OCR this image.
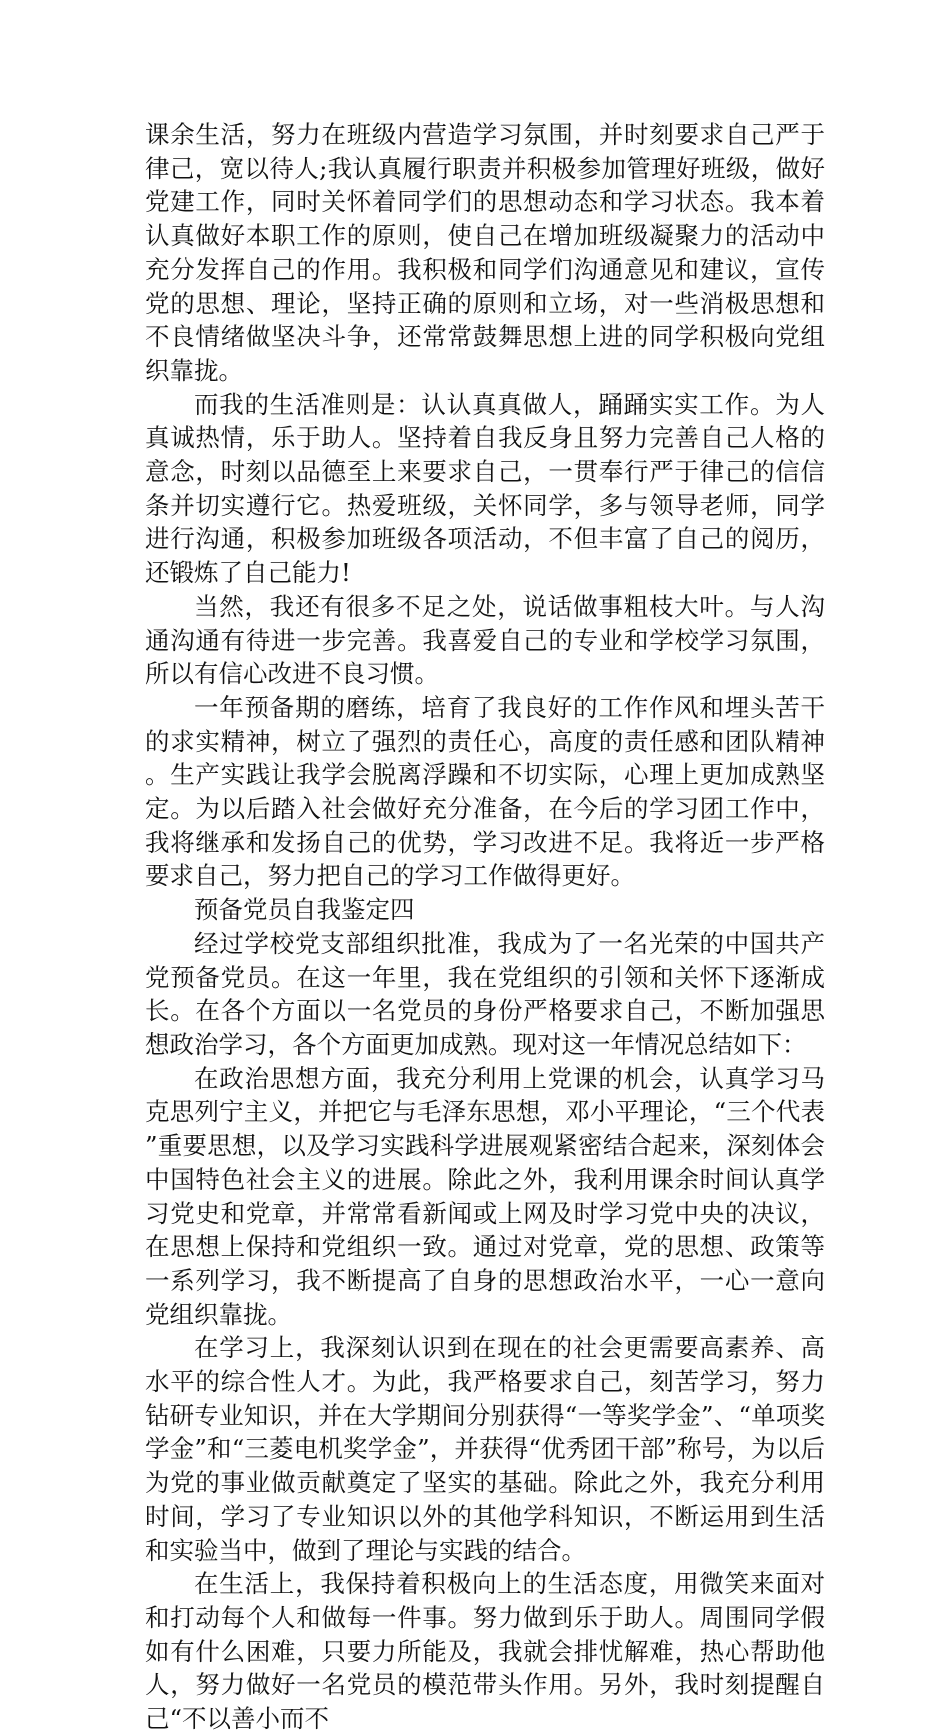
课余生活，努力在班级内营造学习氛围，并时刻要求自己严于律己，宽以待人;我认真履行职责并积极参加管理好班级，做好党建工作，同时关怀着同学们的思想动态和学习状态。我本着认真做好本职工作的原则，使自己在增加班级凝聚力的活动中充分发挥自己的作用。我积极和同学们沟通意见和建议，宣传党的思想、理论，坚持正确的原则和立场，对一些消极思想和不良情绪做坚决斗争，还常常鼓舞思想上进的同学积极向党组织靠拢。

而我的生活准则是：认认真真做人，踊踊实实工作。为人真诚热情，乐于助人。坚持着自我反身且努力完善自己人格的意念，时刻以品德至上来要求自己，一贯奉行严于律己的信信条并切实遵行它。热爱班级，关怀同学，多与领导老师，同学进行沟通，积极参加班级各项活动，不但丰富了自己的阅历，还锻炼了自己能力!

当然，我还有很多不足之处，说话做事粗枝大叶。与人沟通沟通有待进一步完善。我喜爱自己的专业和学校学习氛围，所以有信心改进不良习惯。

一年预备期的磨练，培育了我良好的工作作风和埋头苦干的求实精神，树立了强烈的责任心，高度的责任感和团队精神。生产实践让我学会脱离浮躁和不切实际，心理上更加成熟坚定。为以后踏入社会做好充分准备，在今后的学习团工作中，我将继承和发扬自己的优势，学习改进不足。我将近一步严格要求自己，努力把自己的学习工作做得更好。

预备党员自我鉴定四

经过学校党支部组织批准，我成为了一名光荣的中国共产党预备党员。在这一年里，我在党组织的引领和关怀下逐渐成长。在各个方面以一名党员的身份严格要求自己，不断加强思想政治学习，各个方面更加成熟。现对这一年情况总结如下：

在政治思想方面，我充分利用上党课的机会，认真学习马克思列宁主义，并把它与毛泽东思想，邓小平理论，“三个代表”重要思想，以及学习实践科学进展观紧密结合起来，深刻体会中国特色社会主义的进展。除此之外，我利用课余时间认真学习党史和党章，并常常看新闻或上网及时学习党中央的决议，在思想上保持和党组织一致。通过对党章，党的思想、政策等一系列学习，我不断提高了自身的思想政治水平，一心一意向党组织靠拢。

在学习上，我深刻认识到在现在的社会更需要高素养、高水平的综合性人才。为此，我严格要求自己，刻苦学习，努力钻研专业知识，并在大学期间分别获得“一等奖学金”、“单项奖学金”和“三菱电机奖学金”，并获得“优秀团干部”称号，为以后为党的事业做贡献奠定了坚实的基础。除此之外，我充分利用时间，学习了专业知识以外的其他学科知识，不断运用到生活和实验当中，做到了理论与实践的结合。

在生活上，我保持着积极向上的生活态度，用微笑来面对和打动每个人和做每一件事。努力做到乐于助人。周围同学假如有什么困难，只要力所能及，我就会排忧解难，热心帮助他人，努力做好一名党员的模范带头作用。另外，我时刻提醒自己“不以善小而不
